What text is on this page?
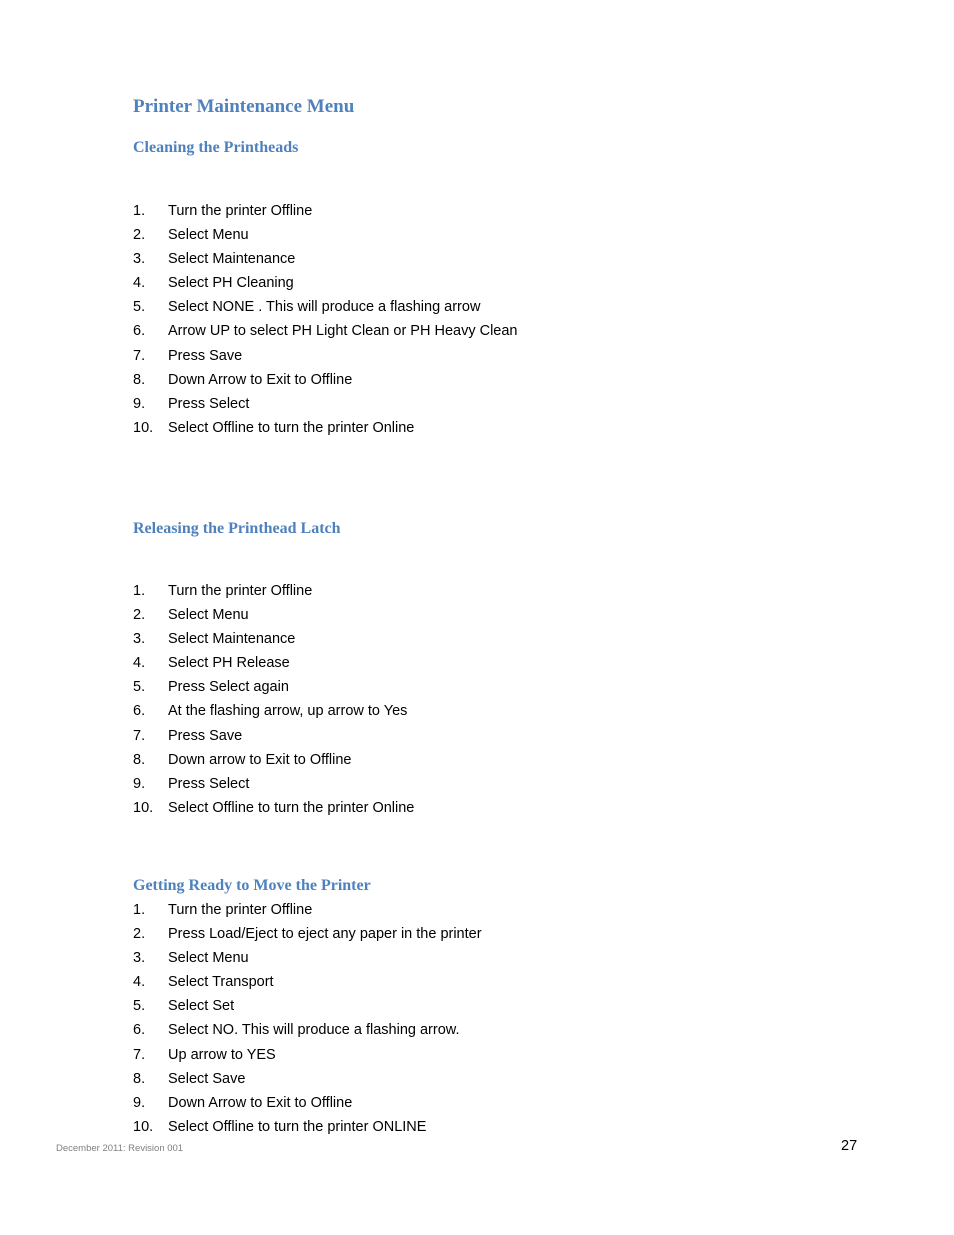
Printer Maintenance Menu
Cleaning the Printheads
1. Turn the printer Offline
2. Select Menu
3. Select Maintenance
4. Select PH Cleaning
5. Select NONE . This will produce a flashing arrow
6. Arrow UP to select PH Light Clean or PH Heavy Clean
7. Press Save
8. Down Arrow to Exit to Offline
9. Press Select
10. Select Offline to turn the printer Online
Releasing the Printhead Latch
1. Turn the printer Offline
2. Select Menu
3. Select Maintenance
4. Select PH Release
5. Press Select again
6. At the flashing arrow, up arrow to Yes
7. Press Save
8. Down arrow to Exit to Offline
9. Press Select
10. Select Offline to turn the printer Online
Getting Ready to Move the Printer
1. Turn the printer Offline
2. Press Load/Eject to eject any paper in the printer
3. Select Menu
4. Select Transport
5. Select Set
6. Select NO. This will produce a flashing arrow.
7. Up arrow to YES
8. Select Save
9. Down Arrow to Exit to Offline
10. Select Offline to turn the printer ONLINE
December 2011: Revision 001	27
